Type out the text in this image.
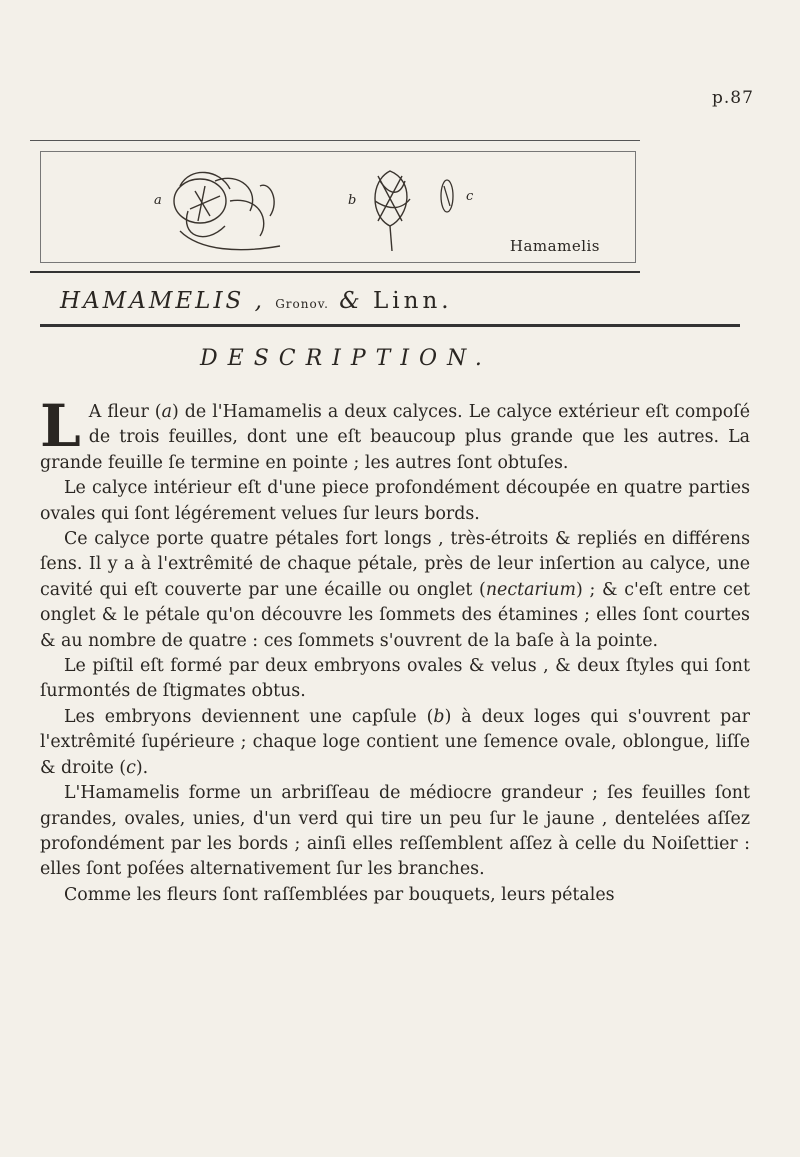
p.87
a	b	c
Hamamelis
HAMAMELIS , Gronov. & Linn.
DESCRIPTION.

L A fleur (a) de l'Hamamelis a deux calyces. Le calyce extérieur eſt compoſé de trois feuilles, dont une eſt beaucoup plus grande que les autres. La grande feuille ſe termine en pointe ; les autres ſont obtuſes.

Le calyce intérieur eſt d'une piece profondément découpée en quatre parties ovales qui ſont légérement velues ſur leurs bords.

Ce calyce porte quatre pétales fort longs , très-étroits & repliés en différens ſens. Il y a à l'extrêmité de chaque pétale, près de leur inſertion au calyce, une cavité qui eſt couverte par une écaille ou onglet (nectarium) ; & c'eſt entre cet onglet & le pétale qu'on découvre les ſommets des étamines ; elles ſont courtes & au nombre de quatre : ces ſommets s'ouvrent de la baſe à la pointe.

Le piſtil eſt formé par deux embryons ovales & velus , & deux ſtyles qui ſont ſurmontés de ſtigmates obtus.

Les embryons deviennent une capſule (b) à deux loges qui s'ouvrent par l'extrêmité ſupérieure ; chaque loge contient une ſemence ovale, oblongue, liſſe & droite (c).

L'Hamamelis forme un arbriſſeau de médiocre grandeur ; ſes feuilles ſont grandes, ovales, unies, d'un verd qui tire un peu ſur le jaune , dentelées aſſez profondément par les bords ; ainſi elles reſſemblent aſſez à celle du Noiſettier : elles ſont poſées alternativement ſur les branches.

Comme les fleurs ſont raſſemblées par bouquets, leurs pétales
